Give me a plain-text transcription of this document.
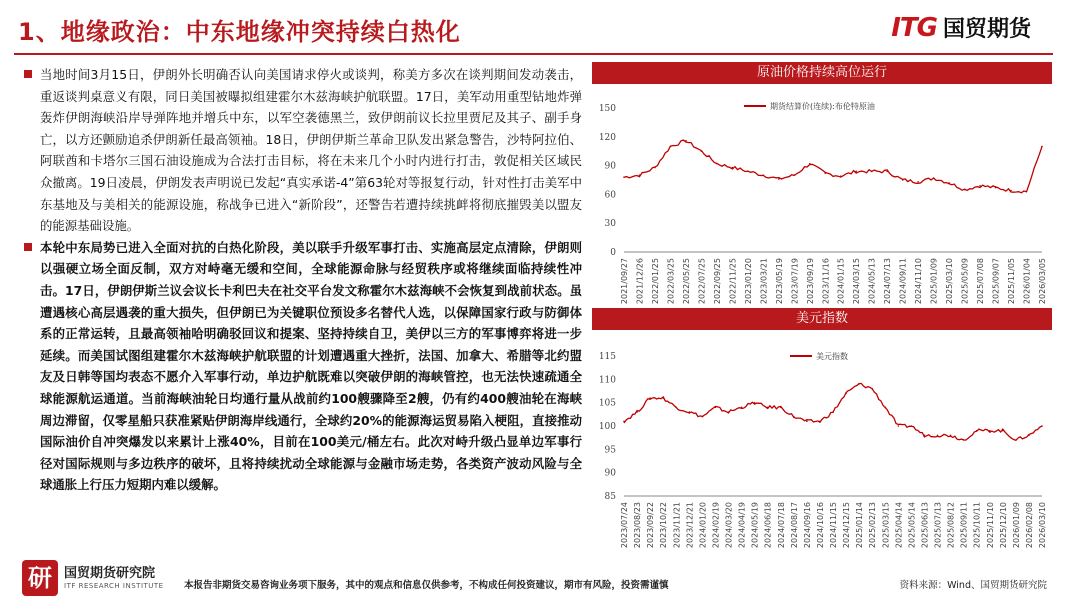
1、地缘政治：中东地缘冲突持续白热化	ITG 国贸期货
当地时间3月15日，伊朗外长明确否认向美国请求停火或谈判，称美方多次在谈判期间发动袭击，重返谈判桌意义有限，同日美国被曝拟组建霍尔木兹海峡护航联盟。17日，美军动用重型钻地炸弹轰炸伊朗海峡沿岸导弹阵地并增兵中东，以军空袭德黑兰，致伊朗前议长拉里贾尼及其子、副手身亡，以方还颤励追杀伊朗新任最高领袖。18日，伊朗伊斯兰革命卫队发出紧急警告，沙特阿拉伯、阿联酋和卡塔尔三国石油设施成为合法打击目标，将在未来几个小时内进行打击，敦促相关区域民众撤离。19日凌晨，伊朗发表声明说已发起“真实承诺-4”第63轮对等报复行动，针对性打击美军中东基地及与美相关的能源设施，称战争已进入“新阶段”，还警告若遭持续挑衅将彻底摧毁美以盟友的能源基础设施。
本轮中东局势已进入全面对抗的白热化阶段，美以联手升级军事打击、实施高层定点清除，伊朗则以强硬立场全面反制，双方对峙毫无缓和空间，全球能源命脉与经贸秩序或将继续面临持续性冲击。17日，伊朗伊斯兰议会议长卡利巴夫在社交平台发文称霍尔木兹海峡不会恢复到战前状态。虽遭遇核心高层遇袭的重大损失，但伊朗已为关键职位预设多名替代人选，以保障国家行政与防御体系的正常运转，且最高领袖哈明确驳回议和提案、坚持持续自卫，美伊以三方的军事博弈将进一步延续。而美国试图组建霍尔木兹海峡护航联盟的计划遭遇重大挫折，法国、加拿大、希腊等北约盟友及日韩等国均表态不愿介入军事行动，单边护航既难以突破伊朗的海峡管控，也无法快速疏通全球能源航运通道。当前海峡油轮日均通行量从战前约100艘骤降至2艘，仍有约400艘油轮在海峡周边滞留，仅零星船只获准紧贴伊朗海岸线通行，全球约20%的能源海运贸易陷入梗阻，直接推动国际油价自冲突爆发以来累计上涨40%，目前在100美元/桶左右。此次对峙升级凸显单边军事行径对国际规则与多边秩序的破坏，且将持续扰动全球能源与金融市场走势，各类资产波动风险与全球通胀上行压力短期内难以缓解。
原油价格持续高位运行
0
30
60
90
120
150
2021/09/27 2021/12/26 2022/01/25 2022/03/25 2022/05/25 2022/07/25 2022/09/25 2022/11/25 2023/01/20 2023/03/21 2023/05/19 2023/07/19 2023/09/19 2023/11/16 2024/01/15 2024/03/15 2024/05/13 2024/07/13 2024/09/11 2024/11/10 2025/01/09 2025/03/10 2025/05/09 2025/07/08 2025/09/07 2025/11/05 2026/01/04 2026/03/05
期货结算价(连续):布伦特原油
美元指数
85
90
95
100
105
110
115
2023/07/24 2023/08/23 2023/09/22 2023/10/22 2023/11/21 2023/12/21 2024/01/20 2024/02/19 2024/03/20 2024/04/19 2024/05/19 2024/06/18 2024/07/18 2024/08/17 2024/09/16 2024/10/16 2024/11/15 2024/12/15 2025/01/14 2025/02/13 2025/03/15 2025/04/14 2025/05/14 2025/06/13 2025/07/13 2025/08/12 2025/09/11 2025/10/11 2025/11/10 2025/12/10 2026/01/09 2026/02/08 2026/03/10
美元指数
研 国贸期货研究院
ITF RESEARCH INSTITUTE 本报告非期货交易咨询业务项下服务，其中的观点和信息仅供参考，不构成任何投资建议，期市有风险，投资需谨慎	资料来源：Wind、国贸期货研究院
